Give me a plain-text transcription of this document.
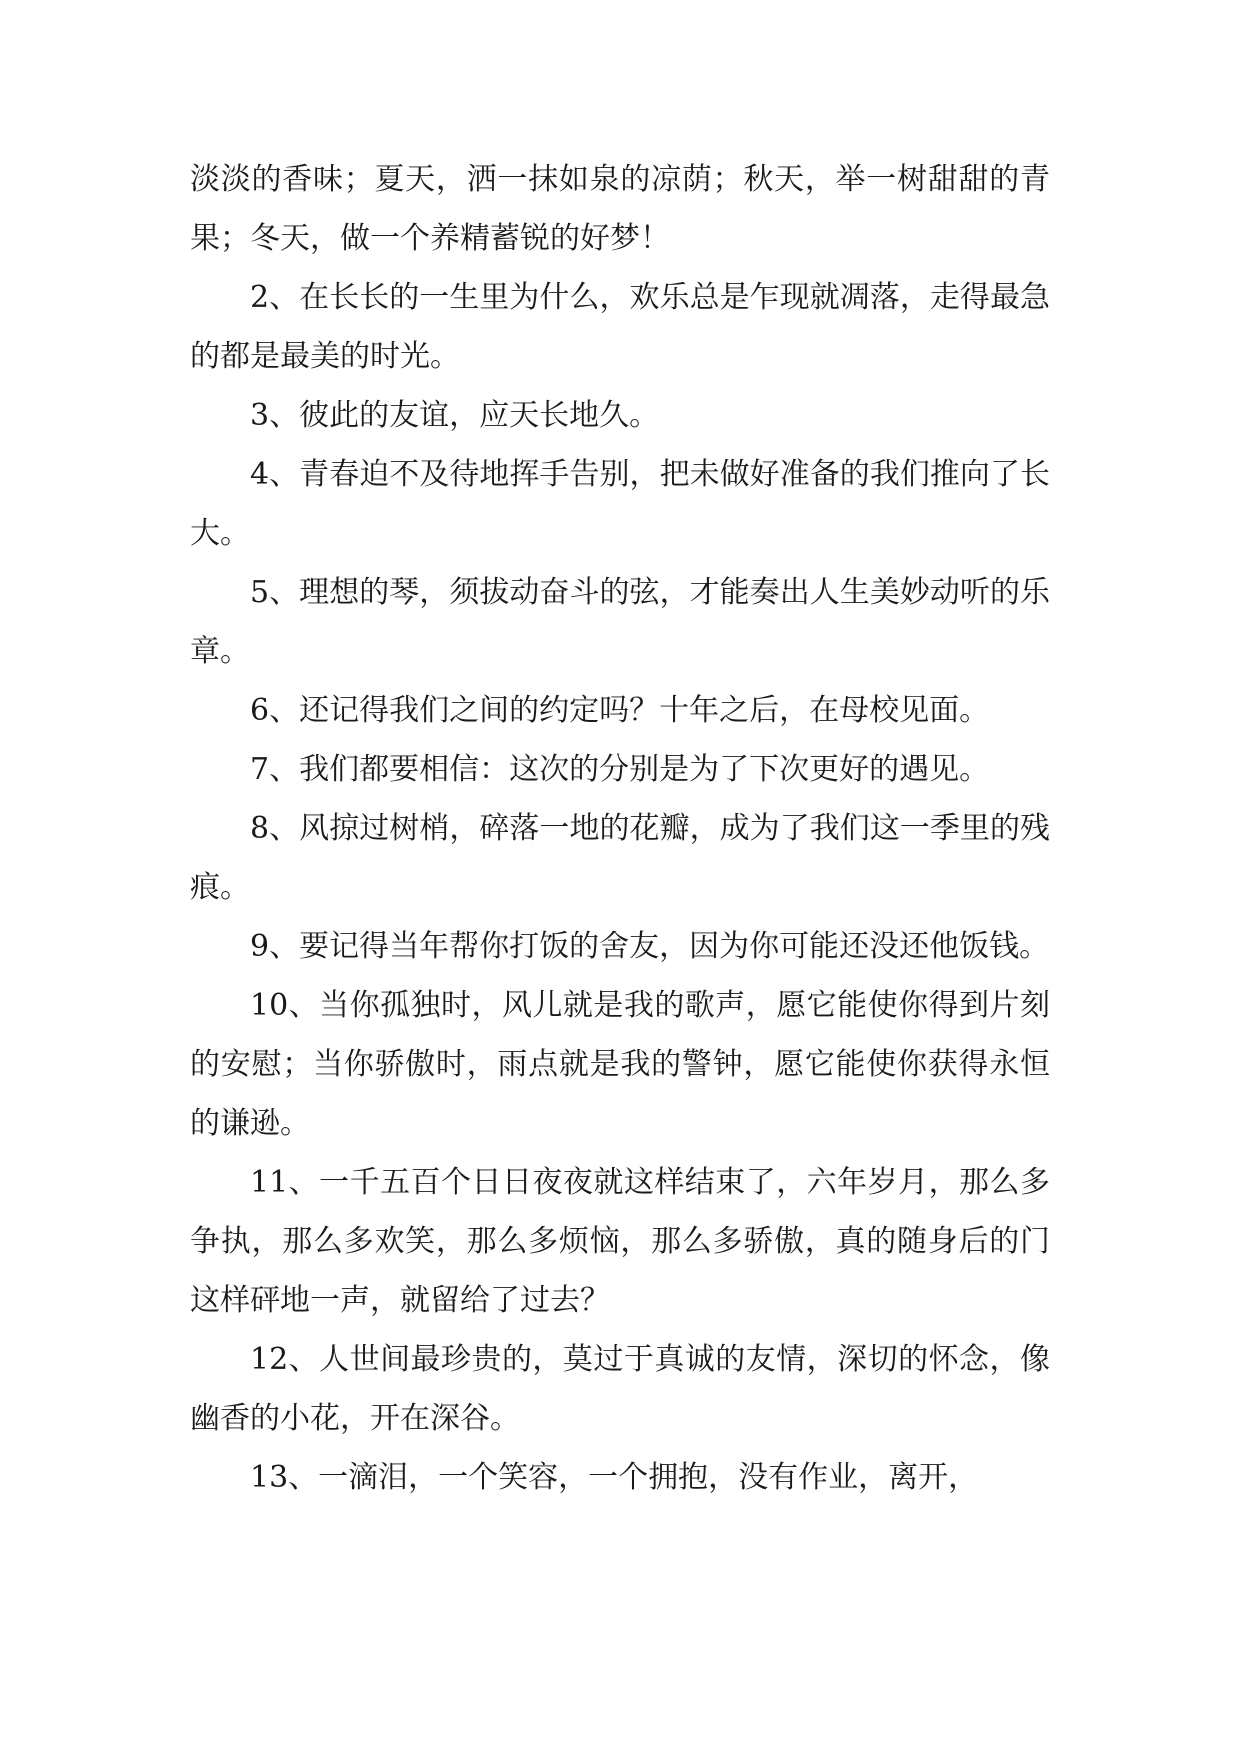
淡淡的香味；夏天，洒一抹如泉的凉荫；秋天，举一树甜甜的青果；冬天，做一个养精蓄锐的好梦！

2、在长长的一生里为什么，欢乐总是乍现就凋落，走得最急的都是最美的时光。

3、彼此的友谊，应天长地久。

4、青春迫不及待地挥手告别，把未做好准备的我们推向了长大。

5、理想的琴，须拔动奋斗的弦，才能奏出人生美妙动听的乐章。

6、还记得我们之间的约定吗？十年之后，在母校见面。

7、我们都要相信：这次的分别是为了下次更好的遇见。

8、风掠过树梢，碎落一地的花瓣，成为了我们这一季里的残痕。

9、要记得当年帮你打饭的舍友，因为你可能还没还他饭钱。

10、当你孤独时，风儿就是我的歌声，愿它能使你得到片刻的安慰；当你骄傲时，雨点就是我的警钟，愿它能使你获得永恒的谦逊。

11、一千五百个日日夜夜就这样结束了，六年岁月，那么多争执，那么多欢笑，那么多烦恼，那么多骄傲，真的随身后的门这样砰地一声，就留给了过去？

12、人世间最珍贵的，莫过于真诚的友情，深切的怀念，像幽香的小花，开在深谷。

13、一滴泪，一个笑容，一个拥抱，没有作业，离开，
